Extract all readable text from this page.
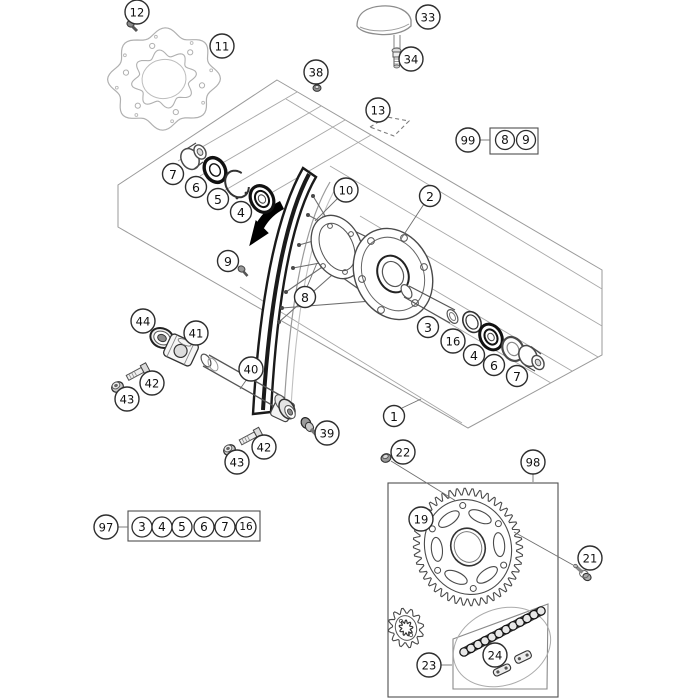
3 4 5 6 7 16
8 9
12
11
33
34
38
13
7
6
5
4
10	2
9
8
3
16
4
6
7
44
41
42
43
40
39
42
43
1
22
98
19
21
23
24
97
99
